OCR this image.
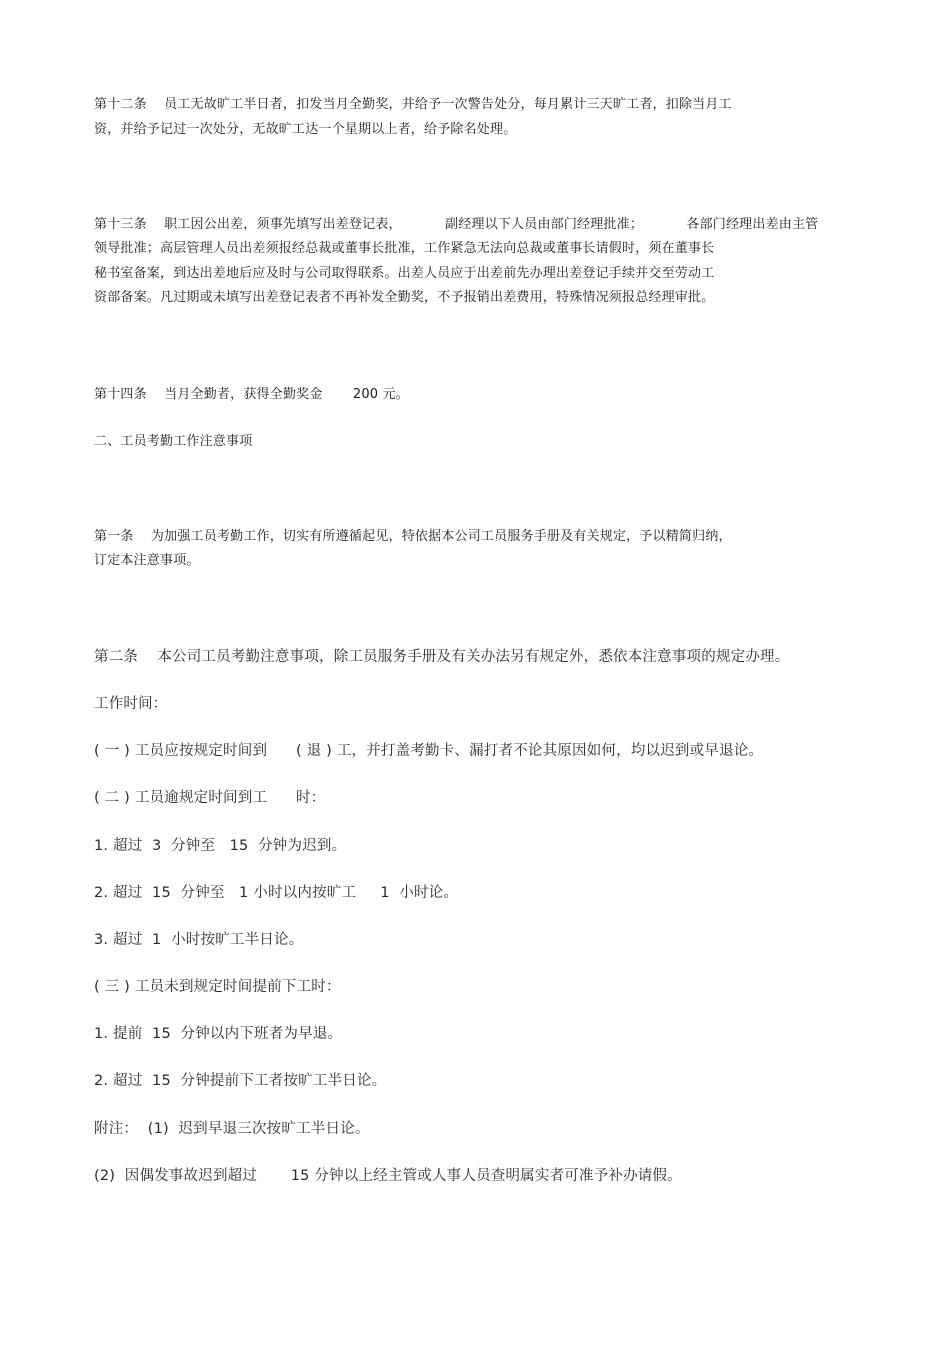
第十二条    员工无故旷工半日者，扣发当月全勤奖，并给予一次警告处分，每月累计三天旷工者，扣除当月工
资，并给予记过一次处分，无故旷工达一个星期以上者，给予除名处理。
第十三条    职工因公出差，须事先填写出差登记表，          副经理以下人员由部门经理批准；          各部门经理出差由主管
领导批准；高层管理人员出差须报经总裁或董事长批准，工作紧急无法向总裁或董事长请假时，须在董事长
秘书室备案，到达出差地后应及时与公司取得联系。出差人员应于出差前先办理出差登记手续并交至劳动工
资部备案。凡过期或未填写出差登记表者不再补发全勤奖，不予报销出差费用，特殊情况须报总经理审批。
第十四条    当月全勤者，获得全勤奖金       200 元。
二、工员考勤工作注意事项
第一条    为加强工员考勤工作，切实有所遵循起见，特依据本公司工员服务手册及有关规定，予以精简归纳，
订定本注意事项。
第二条    本公司工员考勤注意事项，除工员服务手册及有关办法另有规定外，悉依本注意事项的规定办理。
工作时间：
( 一 ) 工员应按规定时间到      ( 退 ) 工，并打盖考勤卡、漏打者不论其原因如何，均以迟到或早退论。
( 二 ) 工员逾规定时间到工      时：
1. 超过  3  分钟至   15  分钟为迟到。
2. 超过  15  分钟至   1 小时以内按旷工     1  小时论。
3. 超过  1  小时按旷工半日论。
( 三 ) 工员未到规定时间提前下工时：
1. 提前  15  分钟以内下班者为早退。
2. 超过  15  分钟提前下工者按旷工半日论。
附注：  (1)  迟到早退三次按旷工半日论。
(2)  因偶发事故迟到超过       15 分钟以上经主管或人事人员查明属实者可准予补办请假。
